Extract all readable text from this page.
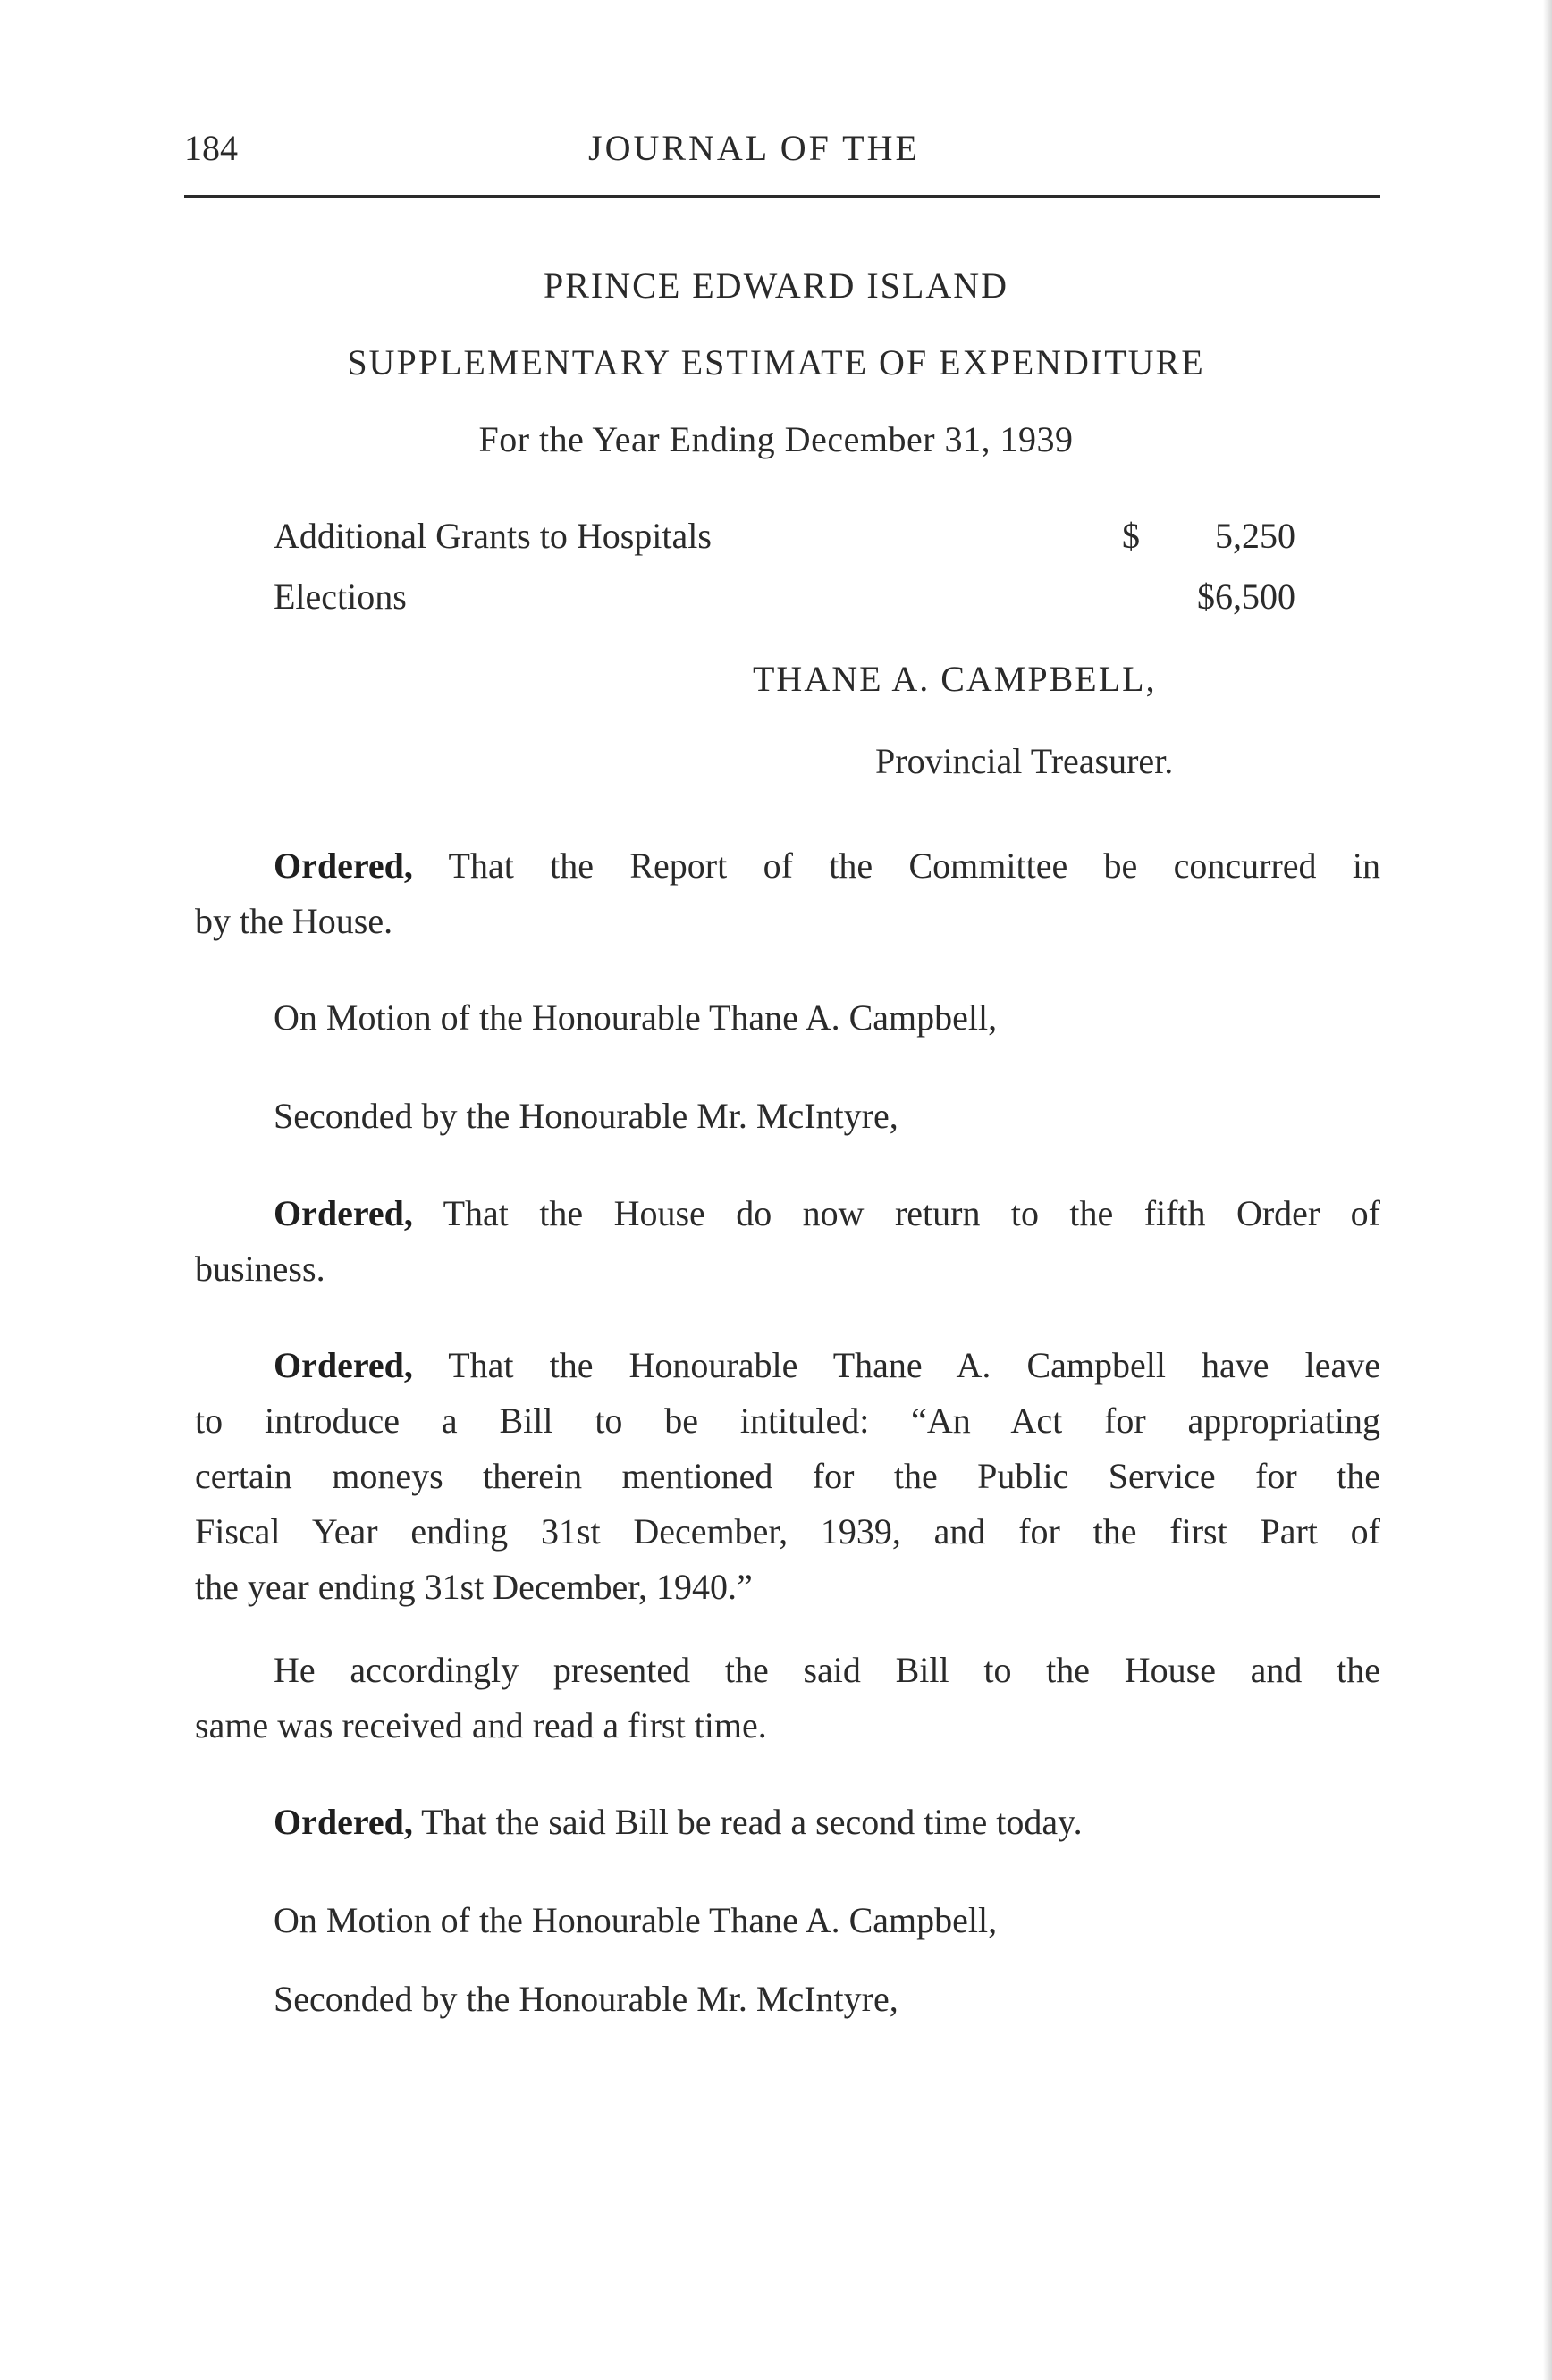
184	JOURNAL OF THE
PRINCE EDWARD ISLAND
SUPPLEMENTARY ESTIMATE OF EXPENDITURE
For the Year Ending December 31, 1939
Additional Grants to Hospitals	$ 5,250
Elections	$6,500
THANE A. CAMPBELL,
Provincial Treasurer.
Ordered, That the Report of the Committee be concurred in
by the House.
On Motion of the Honourable Thane A. Campbell,
Seconded by the Honourable Mr. McIntyre,
Ordered, That the House do now return to the fifth Order of
business.
Ordered, That the Honourable Thane A. Campbell have leave
to introduce a Bill to be intituled: “An Act for appropriating
certain moneys therein mentioned for the Public Service for the
Fiscal Year ending 31st December, 1939, and for the first Part of
the year ending 31st December, 1940.”
He accordingly presented the said Bill to the House and the
same was received and read a first time.
Ordered, That the said Bill be read a second time today.
On Motion of the Honourable Thane A. Campbell,
Seconded by the Honourable Mr. McIntyre,
